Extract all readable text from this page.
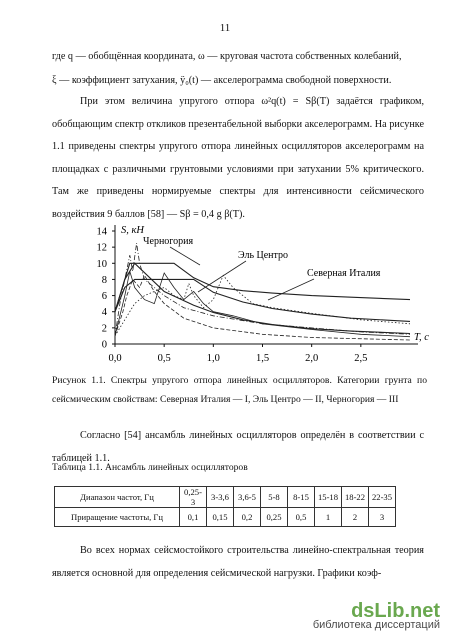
11
где q — обобщённая координата, ω — круговая частота собственных колебаний,
ξ — коэффициент затухания, ÿ₀(t) — акселерограмма свободной поверхности.
При этом величина упругого отпора ω²q(t) = Sβ(T) задаётся графиком, обобщающим спектр откликов презентабельной выборки акселерограмм. На рисунке 1.1 приведены спектры упругого отпора линейных осцилляторов акселерограмм на площадках с различными грунтовыми условиями при затухании 5% критического. Там же приведены нормируемые спектры для интенсивности сейсмического воздействия 9 баллов [58] — Sβ = 0,4 g β(T).
0
2
4
6
8
10
12
14
0,0	0,5	1,0	1,5	2,0	2,5
S, кН
T, с
Черногория
Эль Центро
Северная Италия
Рисунок 1.1. Спектры упругого отпора линейных осцилляторов. Категории грунта по сейсмическим свойствам: Северная Италия — I, Эль Центро — II, Черногория — III
Согласно [54] ансамбль линейных осцилляторов определён в соответствии с таблицей 1.1.
Таблица 1.1. Ансамбль линейных осцилляторов
Диапазон частот, Гц	0,25-3	3-3,6	3,6-5	5-8	8-15	15-18	18-22	22-35
Приращение частоты, Гц	0,1	0,15	0,2	0,25	0,5	1	2	3
Во всех нормах сейсмостойкого строительства линейно-спектральная теория является основной для определения сейсмической нагрузки. Графики коэф-
dsLib.net
библиотека диссертаций
